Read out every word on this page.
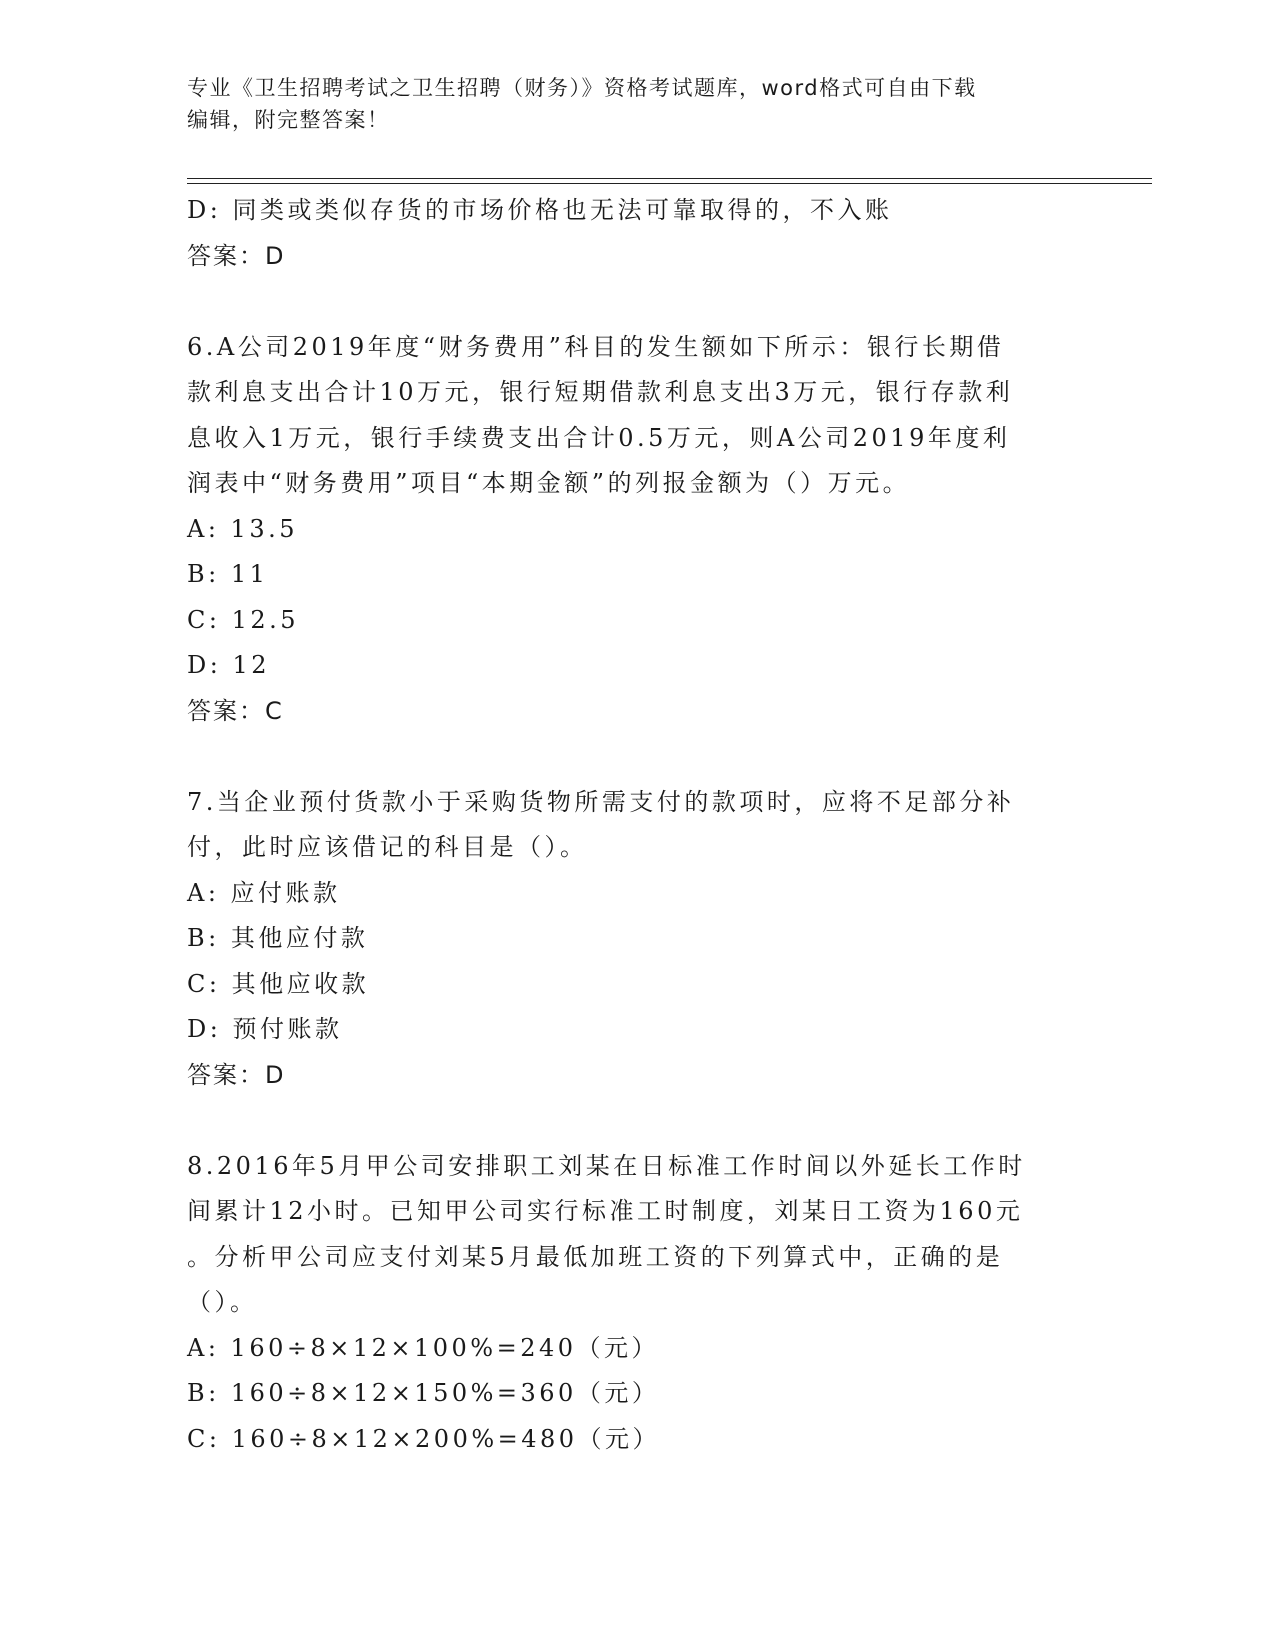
专业《卫生招聘考试之卫生招聘（财务）》资格考试题库，word格式可自由下载
编辑，附完整答案！
D: 同类或类似存货的市场价格也无法可靠取得的，不入账
答案：D
6.A公司2019年度“财务费用”科目的发生额如下所示：银行长期借
款利息支出合计10万元，银行短期借款利息支出3万元，银行存款利
息收入1万元，银行手续费支出合计0.5万元，则A公司2019年度利
润表中“财务费用”项目“本期金额”的列报金额为（）万元。
A: 13.5
B: 11
C: 12.5
D: 12
答案：C
7.当企业预付货款小于采购货物所需支付的款项时，应将不足部分补
付，此时应该借记的科目是（）。
A: 应付账款
B: 其他应付款
C: 其他应收款
D: 预付账款
答案：D
8.2016年5月甲公司安排职工刘某在日标准工作时间以外延长工作时
间累计12小时。已知甲公司实行标准工时制度，刘某日工资为160元
。分析甲公司应支付刘某5月最低加班工资的下列算式中，正确的是
（）。
A: 160÷8×12×100%=240（元）
B: 160÷8×12×150%=360（元）
C: 160÷8×12×200%=480（元）
